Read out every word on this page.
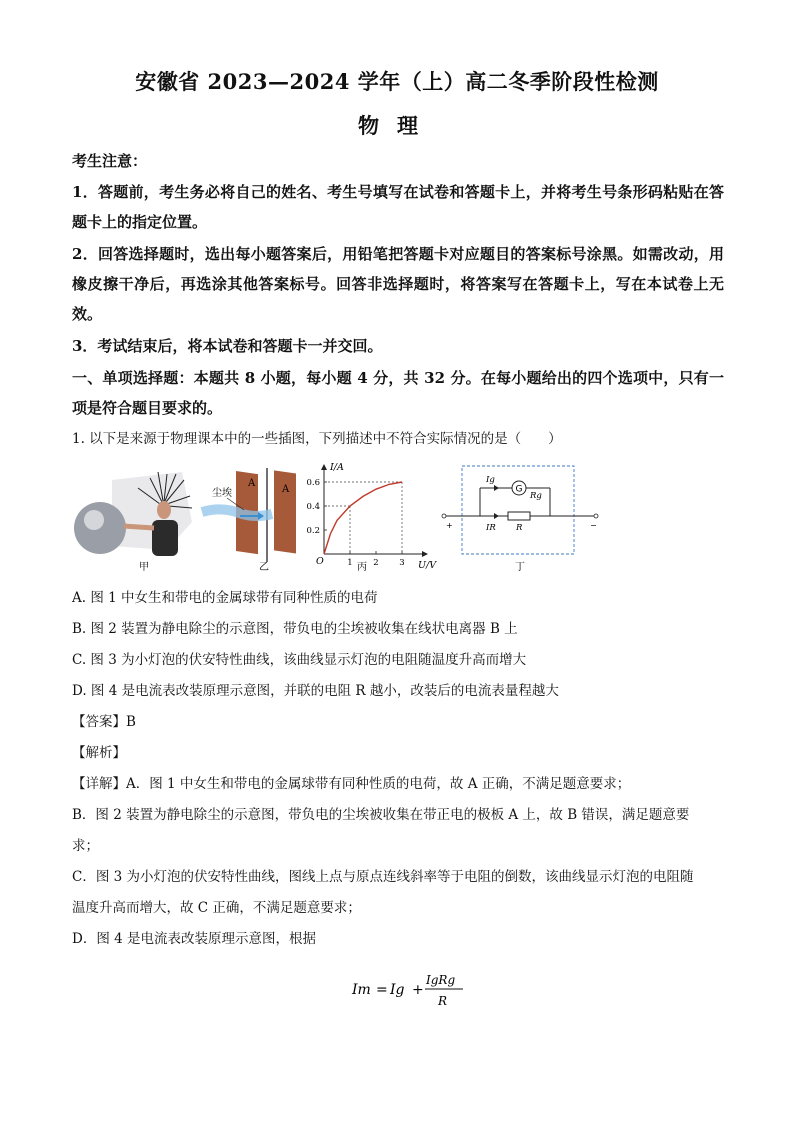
安徽省 2023—2024 学年（上）高二冬季阶段性检测
物理
考生注意：
1．答题前，考生务必将自己的姓名、考生号填写在试卷和答题卡上，并将考生号条形码粘贴在答题卡上的指定位置。
2．回答选择题时，选出每小题答案后，用铅笔把答题卡对应题目的答案标号涂黑。如需改动，用橡皮擦干净后，再选涂其他答案标号。回答非选择题时，将答案写在答题卡上，写在本试卷上无效。
3．考试结束后，将本试卷和答题卡一并交回。
一、单项选择题：本题共 8 小题，每小题 4 分，共 32 分。在每小题给出的四个选项中，只有一项是符合题目要求的。
1. 以下是来源于物理课本中的一些插图，下列描述中不符合实际情况的是（　　）
甲
尘埃
A
A
乙
0.6
0.4
0.2
1 2 3
I/A
U/V
O
丙
G
Ig
Rg
IR R
+	−
丁
A. 图 1 中女生和带电的金属球带有同种性质的电荷
B. 图 2 装置为静电除尘的示意图，带负电的尘埃被收集在线状电离器 B 上
C. 图 3 为小灯泡的伏安特性曲线，该曲线显示灯泡的电阻随温度升高而增大
D. 图 4 是电流表改装原理示意图，并联的电阻 R 越小，改装后的电流表量程越大
【答案】B
【解析】
【详解】A．图 1 中女生和带电的金属球带有同种性质的电荷，故 A 正确，不满足题意要求；
B．图 2 装置为静电除尘的示意图，带负电的尘埃被收集在带正电的极板 A 上，故 B 错误，满足题意要
求；
C．图 3 为小灯泡的伏安特性曲线，图线上点与原点连线斜率等于电阻的倒数，该曲线显示灯泡的电阻随
温度升高而增大，故 C 正确，不满足题意要求；
D．图 4 是电流表改装原理示意图，根据
Im = Ig +
IgRg
R
